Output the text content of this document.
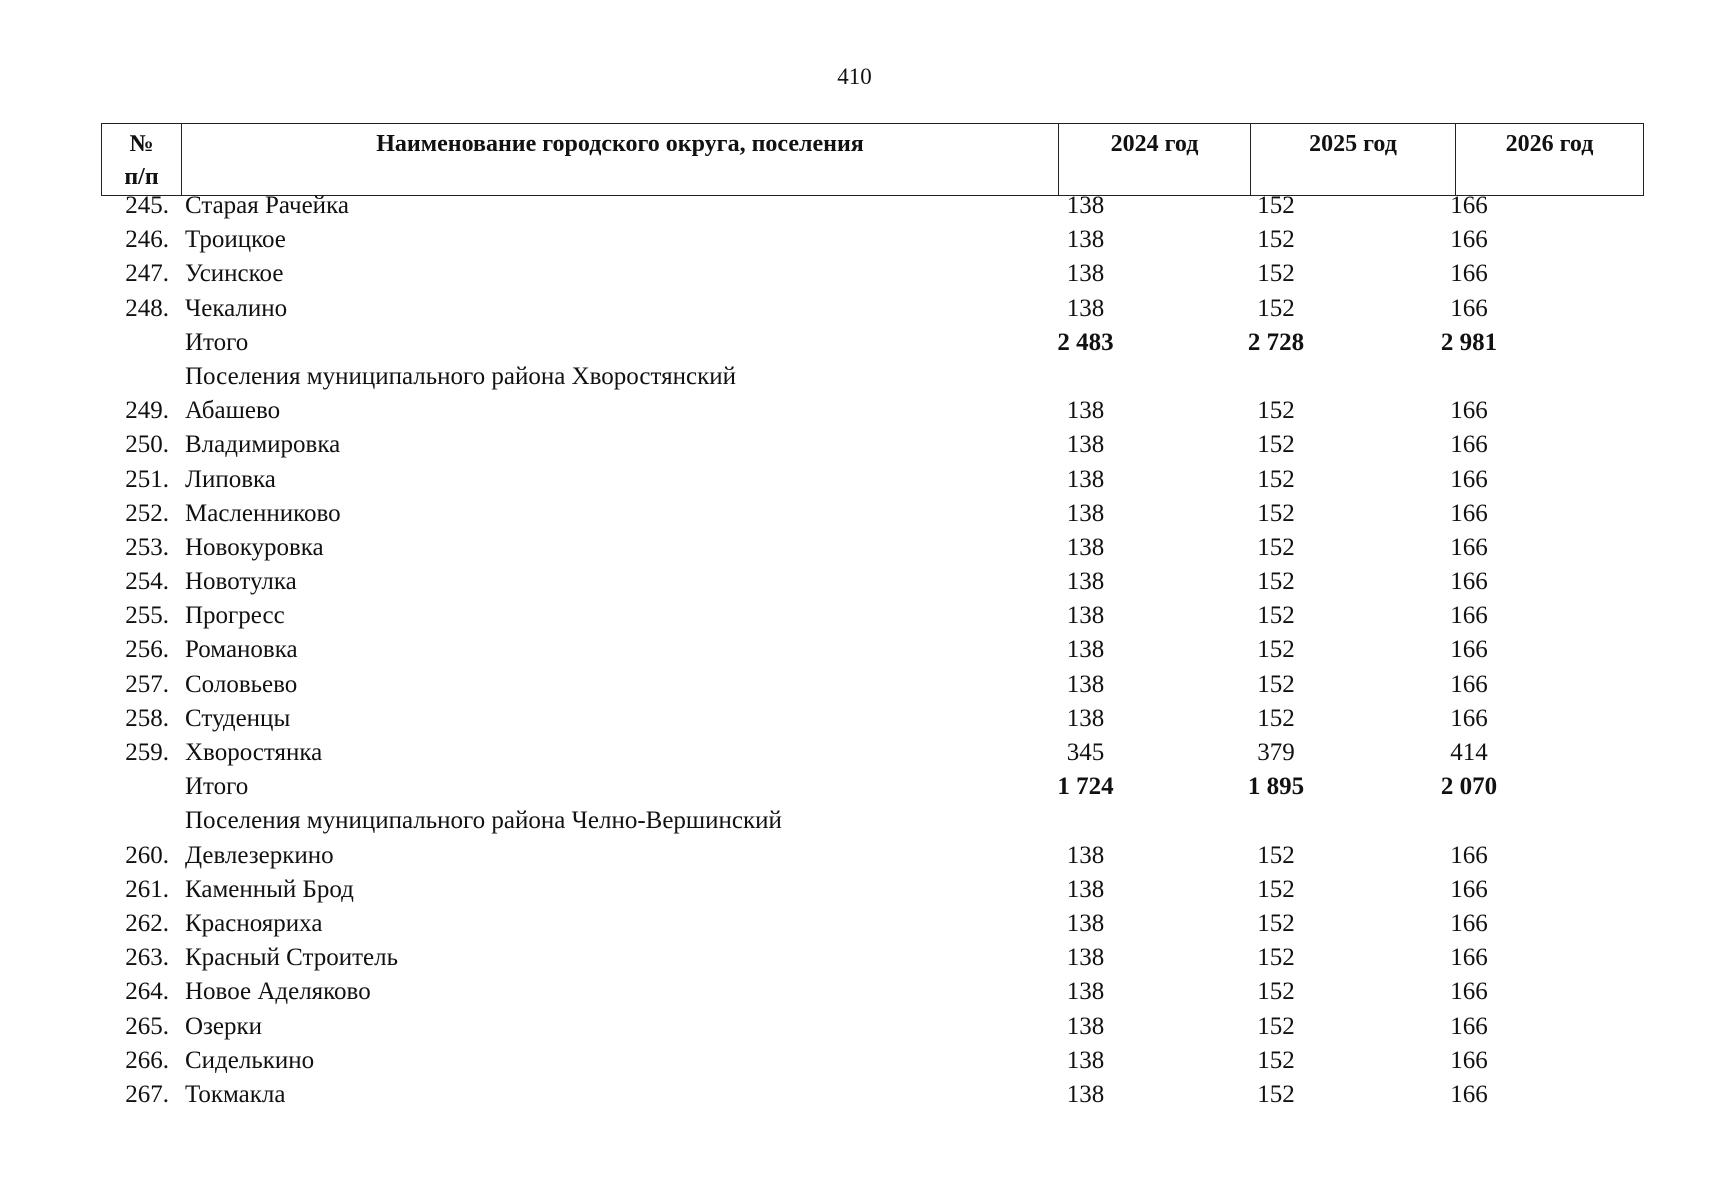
410
№
п/п	Наименование городского округа, поселения	2024 год	2025 год	2026 год
245. Старая Рачейка	138	152	166
246. Троицкое	138	152	166
247. Усинское	138	152	166
248. Чекалино	138	152	166
Итого	2 483	2 728	2 981
Поселения муниципального района Хворостянский
249. Абашево	138	152	166
250. Владимировка	138	152	166
251. Липовка	138	152	166
252. Масленниково	138	152	166
253. Новокуровка	138	152	166
254. Новотулка	138	152	166
255. Прогресс	138	152	166
256. Романовка	138	152	166
257. Соловьево	138	152	166
258. Студенцы	138	152	166
259. Хворостянка	345	379	414
Итого	1 724	1 895	2 070
Поселения муниципального района Челно-Вершинский
260. Девлезеркино	138	152	166
261. Каменный Брод	138	152	166
262. Краснояриха	138	152	166
263. Красный Строитель	138	152	166
264. Новое Аделяково	138	152	166
265. Озерки	138	152	166
266. Сиделькино	138	152	166
267. Токмакла	138	152	166
